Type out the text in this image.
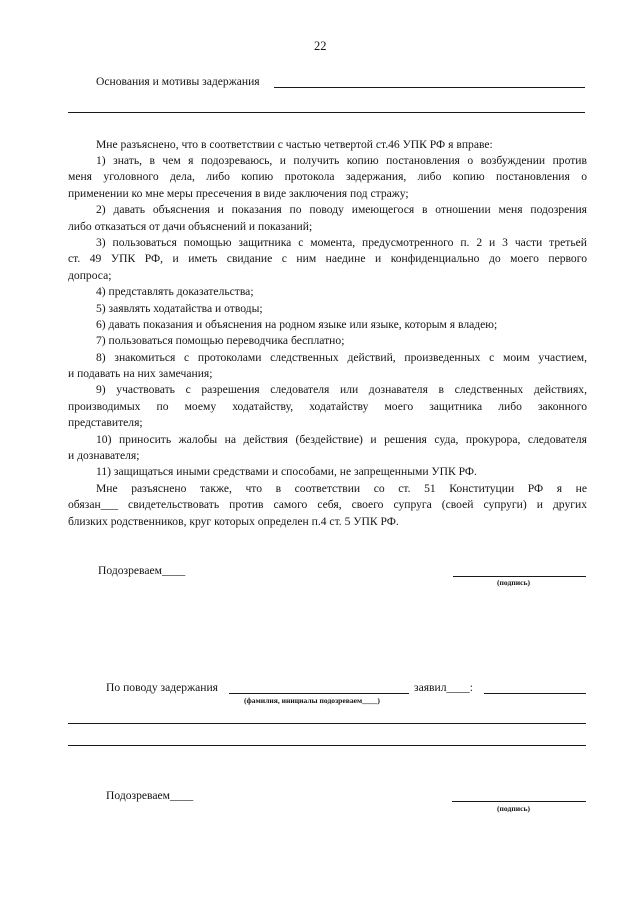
22
Основания и мотивы задержания
Мне разъяснено, что в соответствии с частью четвертой ст.46 УПК РФ я вправе:
1) знать, в чем я подозреваюсь, и получить копию постановления о возбуждении против
меня уголовного дела, либо копию протокола задержания, либо копию постановления о
применении ко мне меры пресечения в виде заключения под стражу;
2) давать объяснения и показания по поводу имеющегося в отношении меня подозрения
либо отказаться от дачи объяснений и показаний;
3) пользоваться помощью защитника с момента, предусмотренного п. 2 и 3 части третьей
ст. 49 УПК РФ, и иметь свидание с ним наедине и конфиденциально до моего первого
допроса;
4) представлять доказательства;
5) заявлять ходатайства и отводы;
6) давать показания и объяснения на родном языке или языке, которым я владею;
7) пользоваться помощью переводчика бесплатно;
8) знакомиться с протоколами следственных действий, произведенных с моим участием,
и подавать на них замечания;
9) участвовать с разрешения следователя или дознавателя в следственных действиях,
производимых по моему ходатайству, ходатайству моего защитника либо законного
представителя;
10) приносить жалобы на действия (бездействие) и решения суда, прокурора, следователя
и дознавателя;
11) защищаться иными средствами и способами, не запрещенными УПК РФ.
Мне разъяснено также, что в соответствии со ст. 51 Конституции РФ я не
обязан___ свидетельствовать против самого себя, своего супруга (своей супруги) и других
близких родственников, круг которых определен п.4 ст. 5 УПК РФ.
Подозреваем____
(подпись)
По поводу задержания
(фамилия, инициалы подозреваем____)
заявил____:
Подозреваем____
(подпись)
